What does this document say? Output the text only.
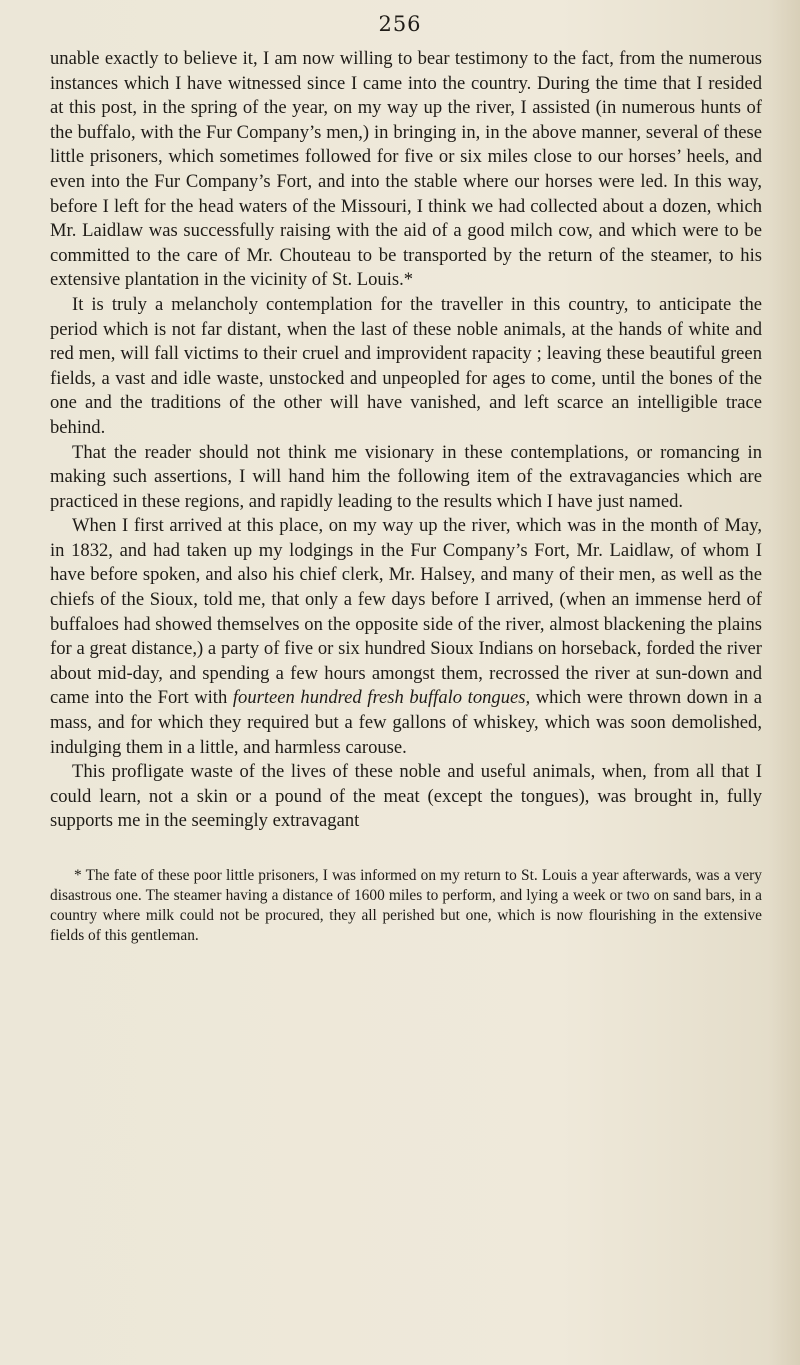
256

unable exactly to believe it, I am now willing to bear testimony to the fact, from the numerous instances which I have witnessed since I came into the country. During the time that I resided at this post, in the spring of the year, on my way up the river, I assisted (in numerous hunts of the buffalo, with the Fur Company’s men,) in bringing in, in the above manner, several of these little prisoners, which sometimes followed for five or six miles close to our horses’ heels, and even into the Fur Company’s Fort, and into the stable where our horses were led. In this way, before I left for the head waters of the Missouri, I think we had collected about a dozen, which Mr. Laidlaw was successfully raising with the aid of a good milch cow, and which were to be committed to the care of Mr. Chouteau to be transported by the return of the steamer, to his extensive plantation in the vicinity of St. Louis.*

It is truly a melancholy contemplation for the traveller in this country, to anticipate the period which is not far distant, when the last of these noble animals, at the hands of white and red men, will fall victims to their cruel and improvident rapacity ; leaving these beautiful green fields, a vast and idle waste, unstocked and unpeopled for ages to come, until the bones of the one and the traditions of the other will have vanished, and left scarce an intelligible trace behind.

That the reader should not think me visionary in these contemplations, or romancing in making such assertions, I will hand him the following item of the extravagancies which are practiced in these regions, and rapidly leading to the results which I have just named.

When I first arrived at this place, on my way up the river, which was in the month of May, in 1832, and had taken up my lodgings in the Fur Company’s Fort, Mr. Laidlaw, of whom I have before spoken, and also his chief clerk, Mr. Halsey, and many of their men, as well as the chiefs of the Sioux, told me, that only a few days before I arrived, (when an immense herd of buffaloes had showed themselves on the opposite side of the river, almost blackening the plains for a great distance,) a party of five or six hundred Sioux Indians on horseback, forded the river about mid-day, and spending a few hours amongst them, recrossed the river at sun-down and came into the Fort with fourteen hundred fresh buffalo tongues, which were thrown down in a mass, and for which they required but a few gallons of whiskey, which was soon demolished, indulging them in a little, and harmless carouse.

This profligate waste of the lives of these noble and useful animals, when, from all that I could learn, not a skin or a pound of the meat (except the tongues), was brought in, fully supports me in the seemingly extravagant

* The fate of these poor little prisoners, I was informed on my return to St. Louis a year afterwards, was a very disastrous one. The steamer having a distance of 1600 miles to perform, and lying a week or two on sand bars, in a country where milk could not be procured, they all perished but one, which is now flourishing in the extensive fields of this gentleman.
